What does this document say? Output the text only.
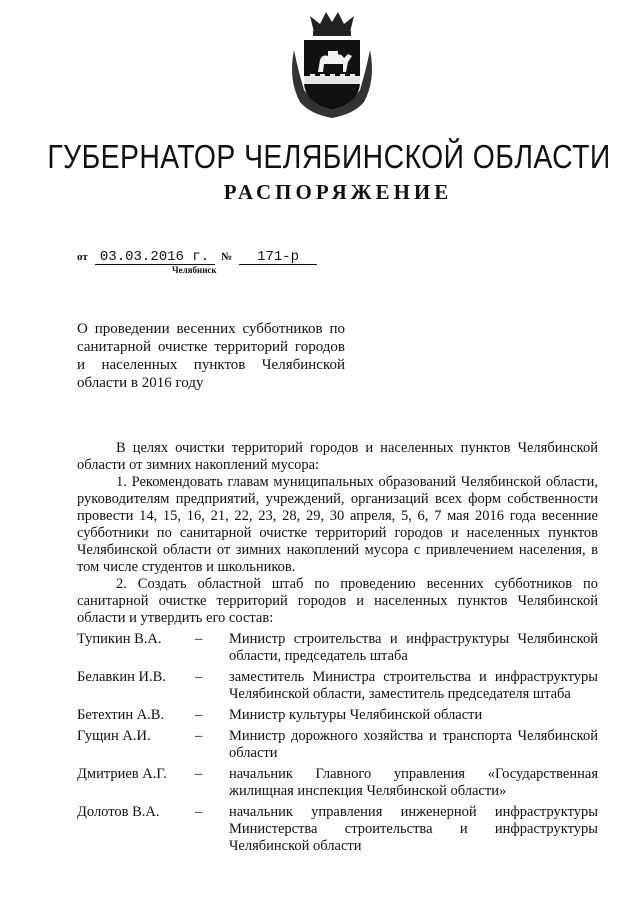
ГУБЕРНАТОР ЧЕЛЯБИНСКОЙ ОБЛАСТИ
РАСПОРЯЖЕНИЕ
от 03.03.2016 г. № 171-р
Челябинск
О проведении весенних субботников по
санитарной очистке территорий городов
и населенных пунктов Челябинской
области в 2016 году

В целях очистки территорий городов и населенных пунктов Челябинской области от зимних накоплений мусора:

1. Рекомендовать главам муниципальных образований Челябинской области, руководителям предприятий, учреждений, организаций всех форм собственности провести 14, 15, 16, 21, 22, 23, 28, 29, 30 апреля, 5, 6, 7 мая 2016 года весенние субботники по санитарной очистке территорий городов и населенных пунктов Челябинской области от зимних накоплений мусора с привлечением населения, в том числе студентов и школьников.

2. Создать областной штаб по проведению весенних субботников по санитарной очистке территорий городов и населенных пунктов Челябинской области и утвердить его состав:

Тупикин В.А.	–	Министр строительства и инфраструктуры Челябинской области, председатель штаба
Белавкин И.В.	–	заместитель Министра строительства и инфраструктуры Челябинской области, заместитель председателя штаба
Бетехтин А.В.	–	Министр культуры Челябинской области
Гущин А.И.	–	Министр дорожного хозяйства и транспорта Челябинской области
Дмитриев А.Г.	–	начальник Главного управления «Государственная жилищная инспекция Челябинской области»
Долотов В.А.	–	начальник управления инженерной инфраструктуры Министерства строительства и инфраструктуры Челябинской области
